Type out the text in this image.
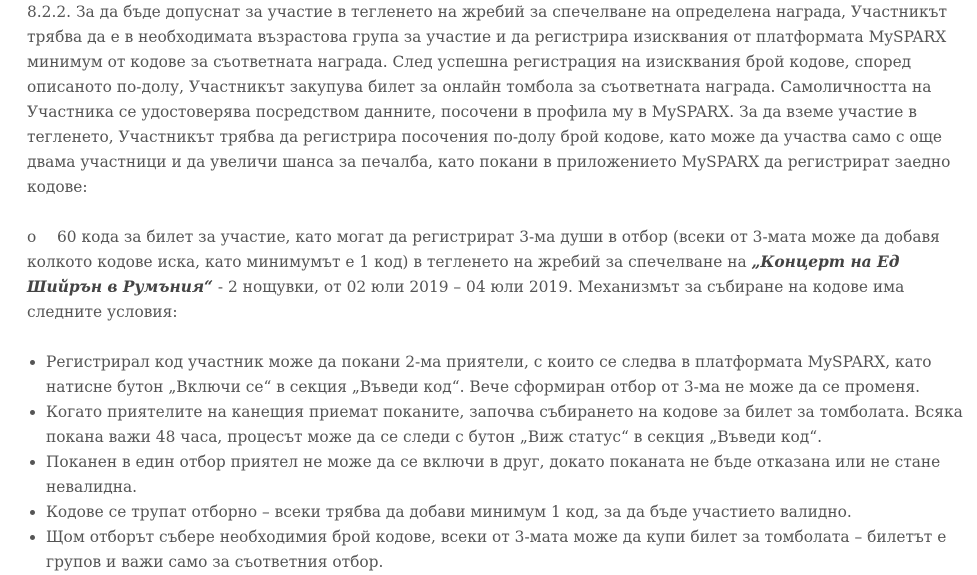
8.2.2. За да бъде допуснат за участие в тегленето на жребий за спечелване на определена награда, Участникът трябва да е в необходимата възрастова група за участие и да регистрира изисквания от платформата MySPARX минимум от кодове за съответната награда. След успешна регистрация на изисквания брой кодове, според описаното по-долу, Участникът закупува билет за онлайн томбола за съответната награда. Самоличността на Участника се удостоверява посредством данните, посочени в профила му в MySPARX. За да вземе участие в тегленето, Участникът трябва да регистрира посочения по-долу брой кодове, като може да участва само с още двама участници и да увеличи шанса за печалба, като покани в приложението MySPARX да регистрират заедно кодове:

o 60 кода за билет за участие, като могат да регистрират 3-ма души в отбор (всеки от 3-мата може да добавя колкото кодове иска, като минимумът е 1 код) в тегленето на жребий за спечелване на „Концерт на Ед Шийрън в Румъния“ - 2 нощувки, от 02 юли 2019 – 04 юли 2019. Механизмът за събиране на кодове има следните условия:

Регистрирал код участник може да покани 2-ма приятели, с които се следва в платформата MySPARX, като натисне бутон „Включи се“ в секция „Въведи код“. Вече сформиран отбор от 3-ма не може да се променя.
Когато приятелите на канещия приемат поканите, започва събирането на кодове за билет за томболата. Всяка покана важи 48 часа, процесът може да се следи с бутон „Виж статус“ в секция „Въведи код“.
Поканен в един отбор приятел не може да се включи в друг, докато поканата не бъде отказана или не стане невалидна.
Кодове се трупат отборно – всеки трябва да добави минимум 1 код, за да бъде участието валидно.
Щом отборът събере необходимия брой кодове, всеки от 3-мата може да купи билет за томболата – билетът е групов и важи само за съответния отбор.
